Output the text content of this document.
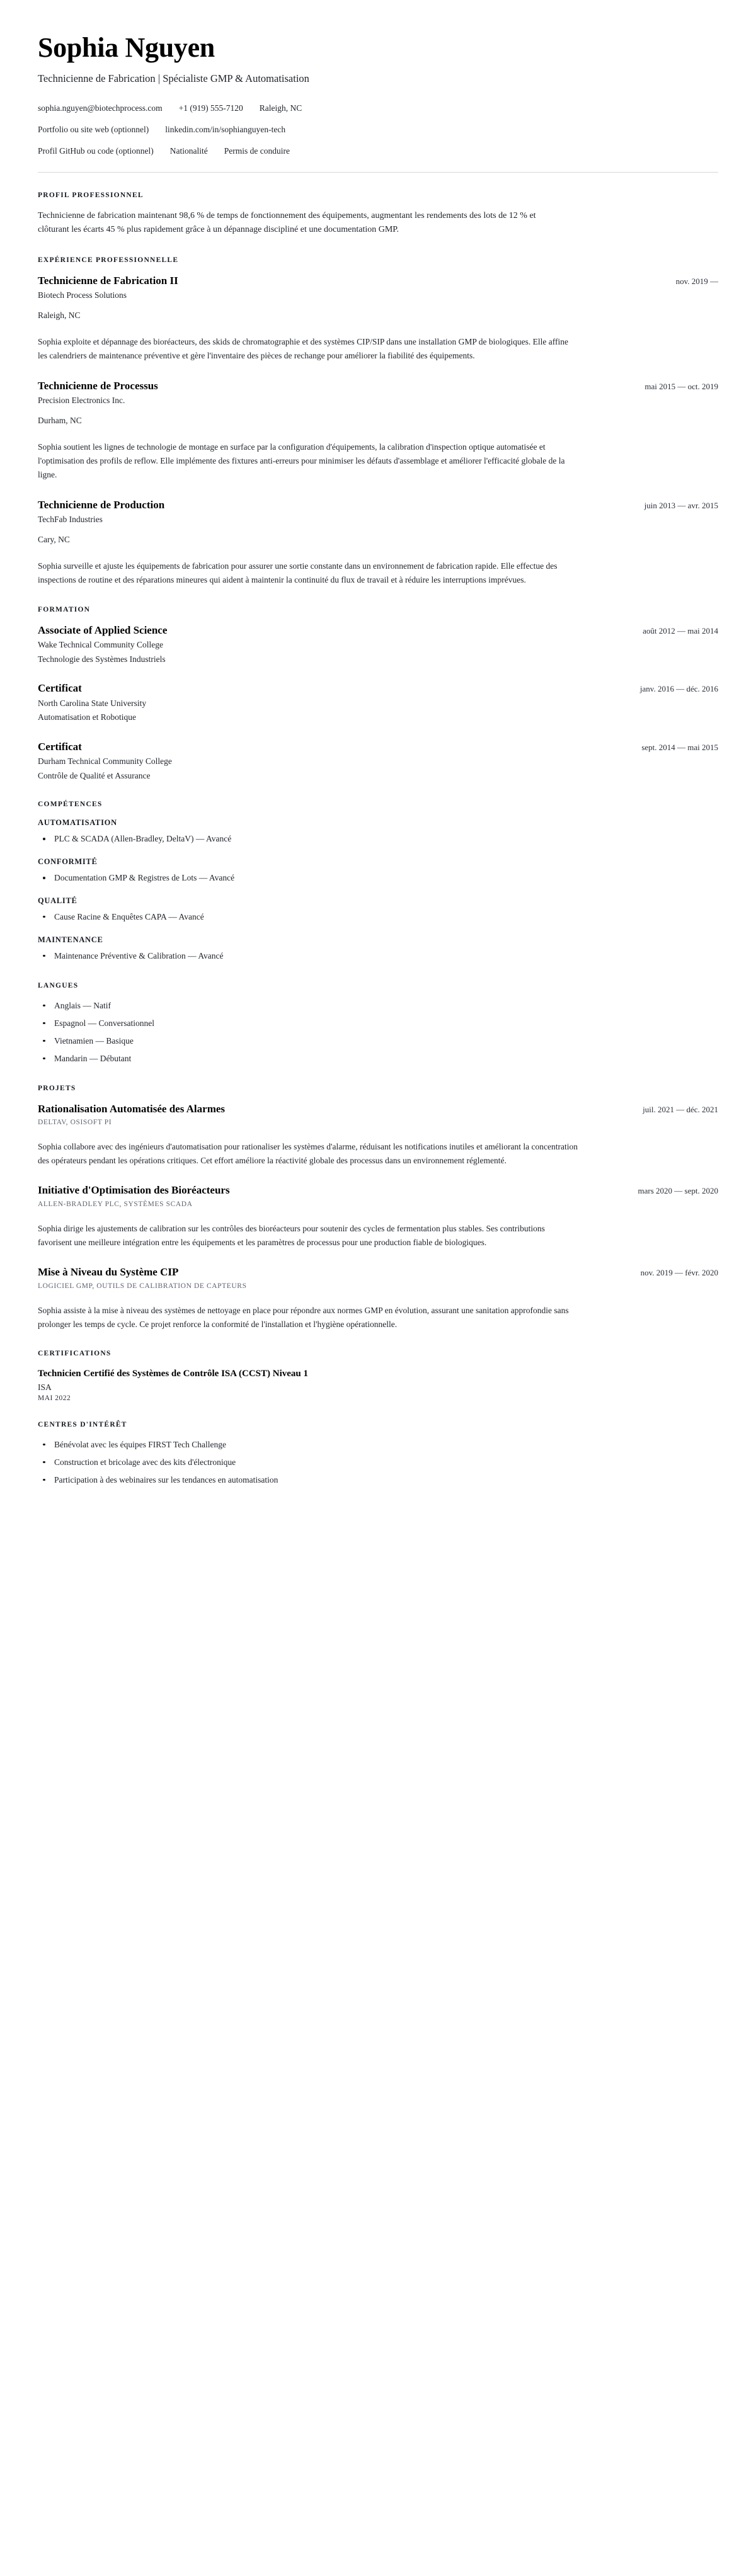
Sophia Nguyen

Technicienne de Fabrication | Spécialiste GMP & Automatisation

sophia.nguyen@biotechprocess.com +1 (919) 555-7120 Raleigh, NC
Portfolio ou site web (optionnel) linkedin.com/in/sophianguyen-tech
Profil GitHub ou code (optionnel) Nationalité Permis de conduire
PROFIL PROFESSIONNEL

Technicienne de fabrication maintenant 98,6 % de temps de fonctionnement des équipements, augmentant les rendements des lots de 12 % et clôturant les écarts 45 % plus rapidement grâce à un dépannage discipliné et une documentation GMP.

EXPÉRIENCE PROFESSIONNELLE
Technicienne de Fabrication II	nov. 2019 —

Biotech Process Solutions

Raleigh, NC

Sophia exploite et dépannage des bioréacteurs, des skids de chromatographie et des systèmes CIP/SIP dans une installation GMP de biologiques. Elle affine les calendriers de maintenance préventive et gère l'inventaire des pièces de rechange pour améliorer la fiabilité des équipements.

Technicienne de Processus	mai 2015 — oct. 2019

Precision Electronics Inc.

Durham, NC

Sophia soutient les lignes de technologie de montage en surface par la configuration d'équipements, la calibration d'inspection optique automatisée et l'optimisation des profils de reflow. Elle implémente des fixtures anti-erreurs pour minimiser les défauts d'assemblage et améliorer l'efficacité globale de la ligne.

Technicienne de Production	juin 2013 — avr. 2015

TechFab Industries

Cary, NC

Sophia surveille et ajuste les équipements de fabrication pour assurer une sortie constante dans un environnement de fabrication rapide. Elle effectue des inspections de routine et des réparations mineures qui aident à maintenir la continuité du flux de travail et à réduire les interruptions imprévues.

FORMATION
Associate of Applied Science	août 2012 — mai 2014

Wake Technical Community College

Technologie des Systèmes Industriels

Certificat	janv. 2016 — déc. 2016

North Carolina State University

Automatisation et Robotique

Certificat	sept. 2014 — mai 2015

Durham Technical Community College

Contrôle de Qualité et Assurance

COMPÉTENCES
AUTOMATISATION
PLC & SCADA (Allen-Bradley, DeltaV) — Avancé
CONFORMITÉ
Documentation GMP & Registres de Lots — Avancé
QUALITÉ
Cause Racine & Enquêtes CAPA — Avancé
MAINTENANCE
Maintenance Préventive & Calibration — Avancé
LANGUES
Anglais — Natif
Espagnol — Conversationnel
Vietnamien — Basique
Mandarin — Débutant
PROJETS
Rationalisation Automatisée des Alarmes	juil. 2021 — déc. 2021

DELTAV, OSISOFT PI

Sophia collabore avec des ingénieurs d'automatisation pour rationaliser les systèmes d'alarme, réduisant les notifications inutiles et améliorant la concentration des opérateurs pendant les opérations critiques. Cet effort améliore la réactivité globale des processus dans un environnement réglementé.

Initiative d'Optimisation des Bioréacteurs	mars 2020 — sept. 2020

ALLEN-BRADLEY PLC, SYSTÈMES SCADA

Sophia dirige les ajustements de calibration sur les contrôles des bioréacteurs pour soutenir des cycles de fermentation plus stables. Ses contributions favorisent une meilleure intégration entre les équipements et les paramètres de processus pour une production fiable de biologiques.

Mise à Niveau du Système CIP	nov. 2019 — févr. 2020

LOGICIEL GMP, OUTILS DE CALIBRATION DE CAPTEURS

Sophia assiste à la mise à niveau des systèmes de nettoyage en place pour répondre aux normes GMP en évolution, assurant une sanitation approfondie sans prolonger les temps de cycle. Ce projet renforce la conformité de l'installation et l'hygiène opérationnelle.

CERTIFICATIONS
Technicien Certifié des Systèmes de Contrôle ISA (CCST) Niveau 1

ISA

MAI 2022

CENTRES D'INTÉRÊT
Bénévolat avec les équipes FIRST Tech Challenge
Construction et bricolage avec des kits d'électronique
Participation à des webinaires sur les tendances en automatisation
